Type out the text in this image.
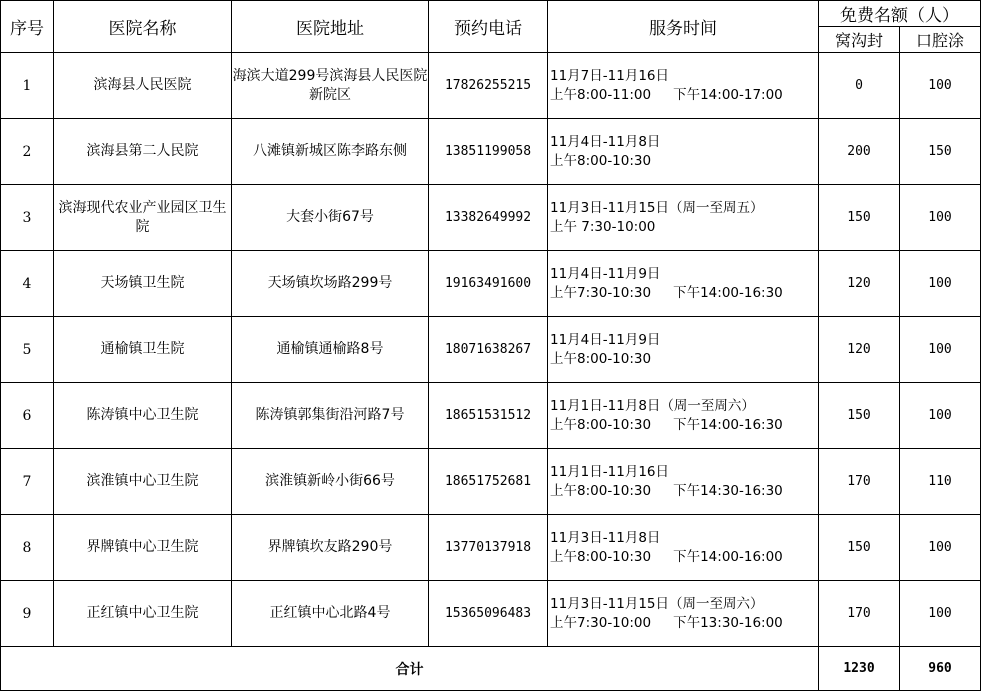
序号	医院名称	医院地址	预约电话	服务时间	免费名额（人）	
					窝沟封	口腔涂
1	滨海县人民医院	海滨大道299号滨海县人民医院新院区	17826255215	11月7日-11月16日
上午8:00-11:00 下午14:00-17:00	0	100
2	滨海县第二人民院	八滩镇新城区陈李路东侧	13851199058	11月4日-11月8日
上午8:00-10:30	200	150
3	滨海现代农业产业园区卫生院	大套小街67号	13382649992	11月3日-11月15日（周一至周五）
上午 7:30-10:00	150	100
4	天场镇卫生院	天场镇坎场路299号	19163491600	11月4日-11月9日
上午7:30-10:30 下午14:00-16:30	120	100
5	通榆镇卫生院	通榆镇通榆路8号	18071638267	11月4日-11月9日
上午8:00-10:30	120	100
6	陈涛镇中心卫生院	陈涛镇郭集街沿河路7号	18651531512	11月1日-11月8日（周一至周六）
上午8:00-10:30 下午14:00-16:30	150	100
7	滨淮镇中心卫生院	滨淮镇新岭小街66号	18651752681	11月1日-11月16日
上午8:00-10:30 下午14:30-16:30	170	110
8	界牌镇中心卫生院	界牌镇坎友路290号	13770137918	11月3日-11月8日
上午8:00-10:30 下午14:00-16:00	150	100
9	正红镇中心卫生院	正红镇中心北路4号	15365096483	11月3日-11月15日（周一至周六）
上午7:30-10:00 下午13:30-16:00	170	100
合计					1230	960
